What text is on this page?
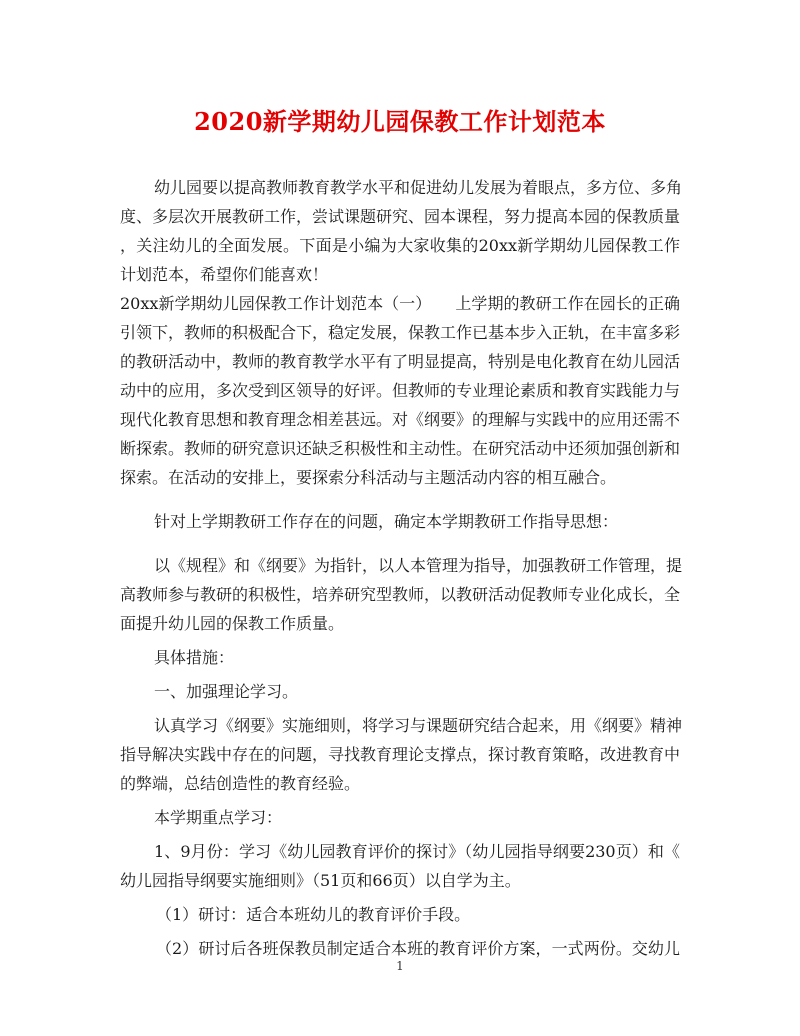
2020新学期幼儿园保教工作计划范本
幼儿园要以提高教师教育教学水平和促进幼儿发展为着眼点，多方位、多角
度、多层次开展教研工作，尝试课题研究、园本课程，努力提高本园的保教质量
，关注幼儿的全面发展。下面是小编为大家收集的20xx新学期幼儿园保教工作
计划范本，希望你们能喜欢！
20xx新学期幼儿园保教工作计划范本（一）　　上学期的教研工作在园长的正确
引领下，教师的积极配合下，稳定发展，保教工作已基本步入正轨，在丰富多彩
的教研活动中，教师的教育教学水平有了明显提高，特别是电化教育在幼儿园活
动中的应用，多次受到区领导的好评。但教师的专业理论素质和教育实践能力与
现代化教育思想和教育理念相差甚远。对《纲要》的理解与实践中的应用还需不
断探索。教师的研究意识还缺乏积极性和主动性。在研究活动中还须加强创新和
探索。在活动的安排上，要探索分科活动与主题活动内容的相互融合。
针对上学期教研工作存在的问题，确定本学期教研工作指导思想：
以《规程》和《纲要》为指针，以人本管理为指导，加强教研工作管理，提
高教师参与教研的积极性，培养研究型教师，以教研活动促教师专业化成长，全
面提升幼儿园的保教工作质量。
具体措施：
一、加强理论学习。
认真学习《纲要》实施细则，将学习与课题研究结合起来，用《纲要》精神
指导解决实践中存在的问题，寻找教育理论支撑点，探讨教育策略，改进教育中
的弊端，总结创造性的教育经验。
本学期重点学习：
1、9月份：学习《幼儿园教育评价的探讨》（幼儿园指导纲要230页）和《
幼儿园指导纲要实施细则》（51页和66页）以自学为主。
（1）研讨：适合本班幼儿的教育评价手段。
（2）研讨后各班保教员制定适合本班的教育评价方案，一式两份。交幼儿
1
